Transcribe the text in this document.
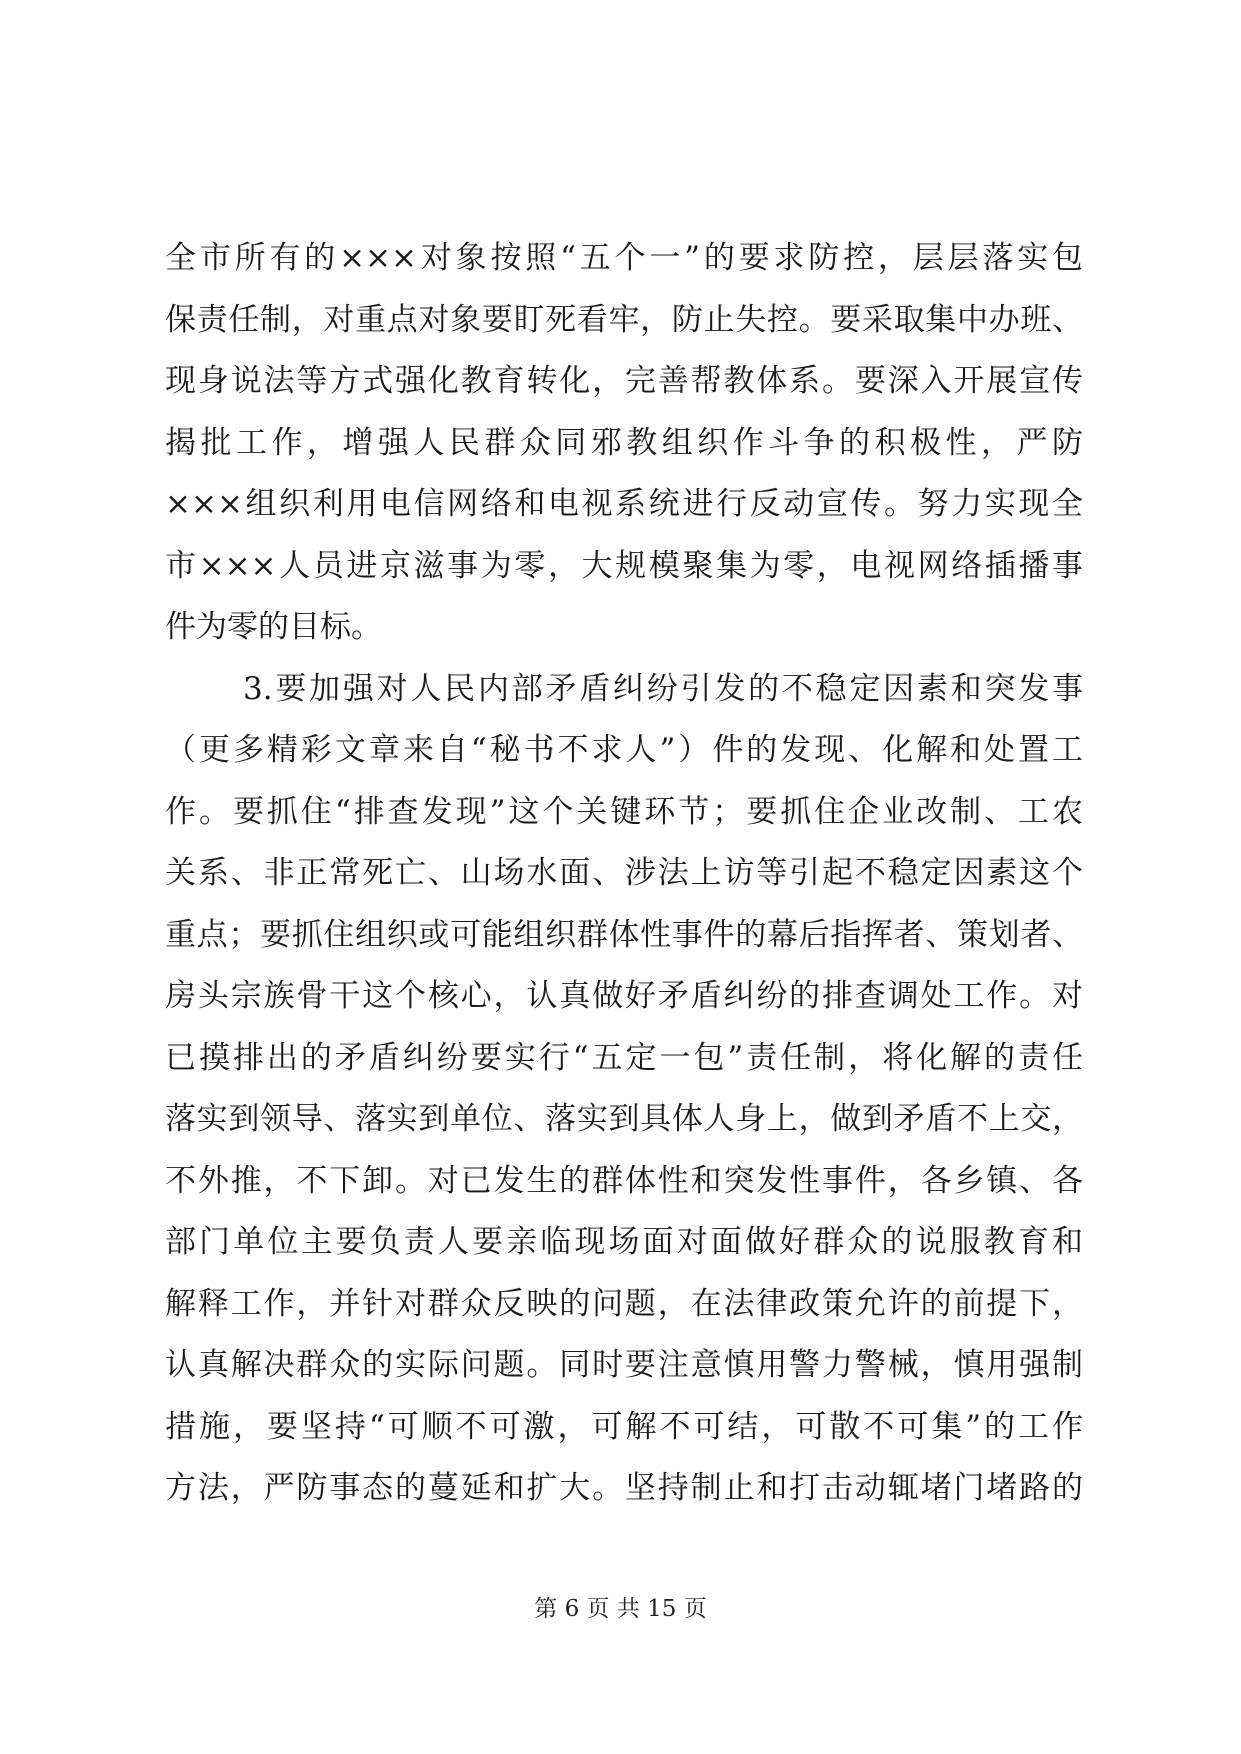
全市所有的×××对象按照“五个一”的要求防控，层层落实包
保责任制，对重点对象要盯死看牢，防止失控。要采取集中办班、
现身说法等方式强化教育转化，完善帮教体系。要深入开展宣传
揭批工作，增强人民群众同邪教组织作斗争的积极性，严防
×××组织利用电信网络和电视系统进行反动宣传。努力实现全
市×××人员进京滋事为零，大规模聚集为零，电视网络插播事
件为零的目标。
3.要加强对人民内部矛盾纠纷引发的不稳定因素和突发事
（更多精彩文章来自“秘书不求人”）件的发现、化解和处置工
作。要抓住“排查发现”这个关键环节；要抓住企业改制、工农
关系、非正常死亡、山场水面、涉法上访等引起不稳定因素这个
重点；要抓住组织或可能组织群体性事件的幕后指挥者、策划者、
房头宗族骨干这个核心，认真做好矛盾纠纷的排查调处工作。对
已摸排出的矛盾纠纷要实行“五定一包”责任制，将化解的责任
落实到领导、落实到单位、落实到具体人身上，做到矛盾不上交，
不外推，不下卸。对已发生的群体性和突发性事件，各乡镇、各
部门单位主要负责人要亲临现场面对面做好群众的说服教育和
解释工作，并针对群众反映的问题，在法律政策允许的前提下，
认真解决群众的实际问题。同时要注意慎用警力警械，慎用强制
措施，要坚持“可顺不可激，可解不可结，可散不可集”的工作
方法，严防事态的蔓延和扩大。坚持制止和打击动辄堵门堵路的
第 6 页 共 15 页
